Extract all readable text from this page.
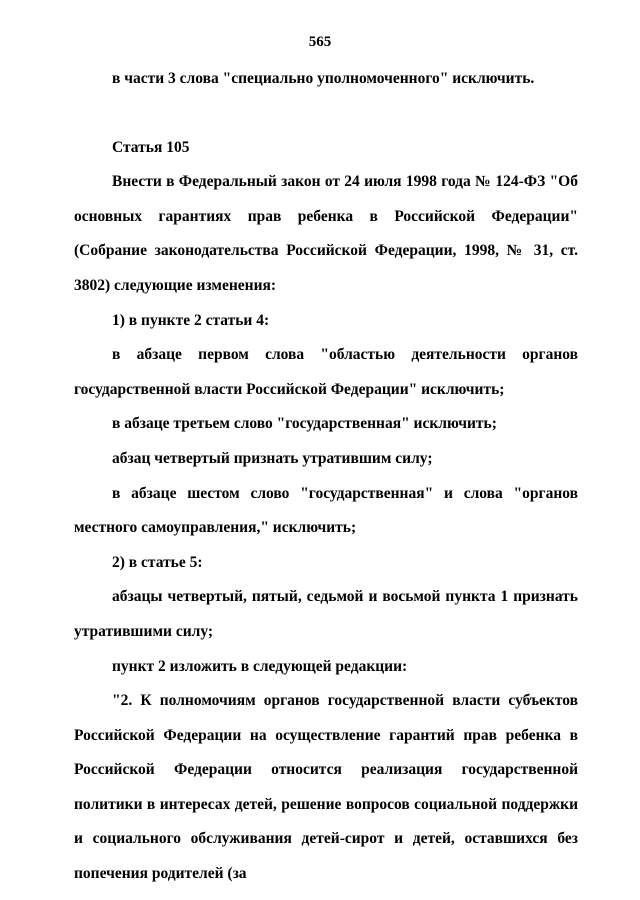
565

в части 3 слова "специально уполномоченного" исключить.

Статья 105

Внести в Федеральный закон от 24 июля 1998 года № 124-ФЗ "Об основных гарантиях прав ребенка в Российской Федерации" (Собрание законодательства Российской Федерации, 1998, № 31, ст. 3802) следующие изменения:

1) в пункте 2 статьи 4:

в абзаце первом слова "областью деятельности органов государственной власти Российской Федерации" исключить;

в абзаце третьем слово "государственная" исключить;

абзац четвертый признать утратившим силу;

в абзаце шестом слово "государственная" и слова "органов местного самоуправления," исключить;

2) в статье 5:

абзацы четвертый, пятый, седьмой и восьмой пункта 1 признать утратившими силу;

пункт 2 изложить в следующей редакции:

"2. К полномочиям органов государственной власти субъектов Российской Федерации на осуществление гарантий прав ребенка в Российской Федерации относится реализация государственной политики в интересах детей, решение вопросов социальной поддержки и социального обслуживания детей-сирот и детей, оставшихся без попечения родителей (за
